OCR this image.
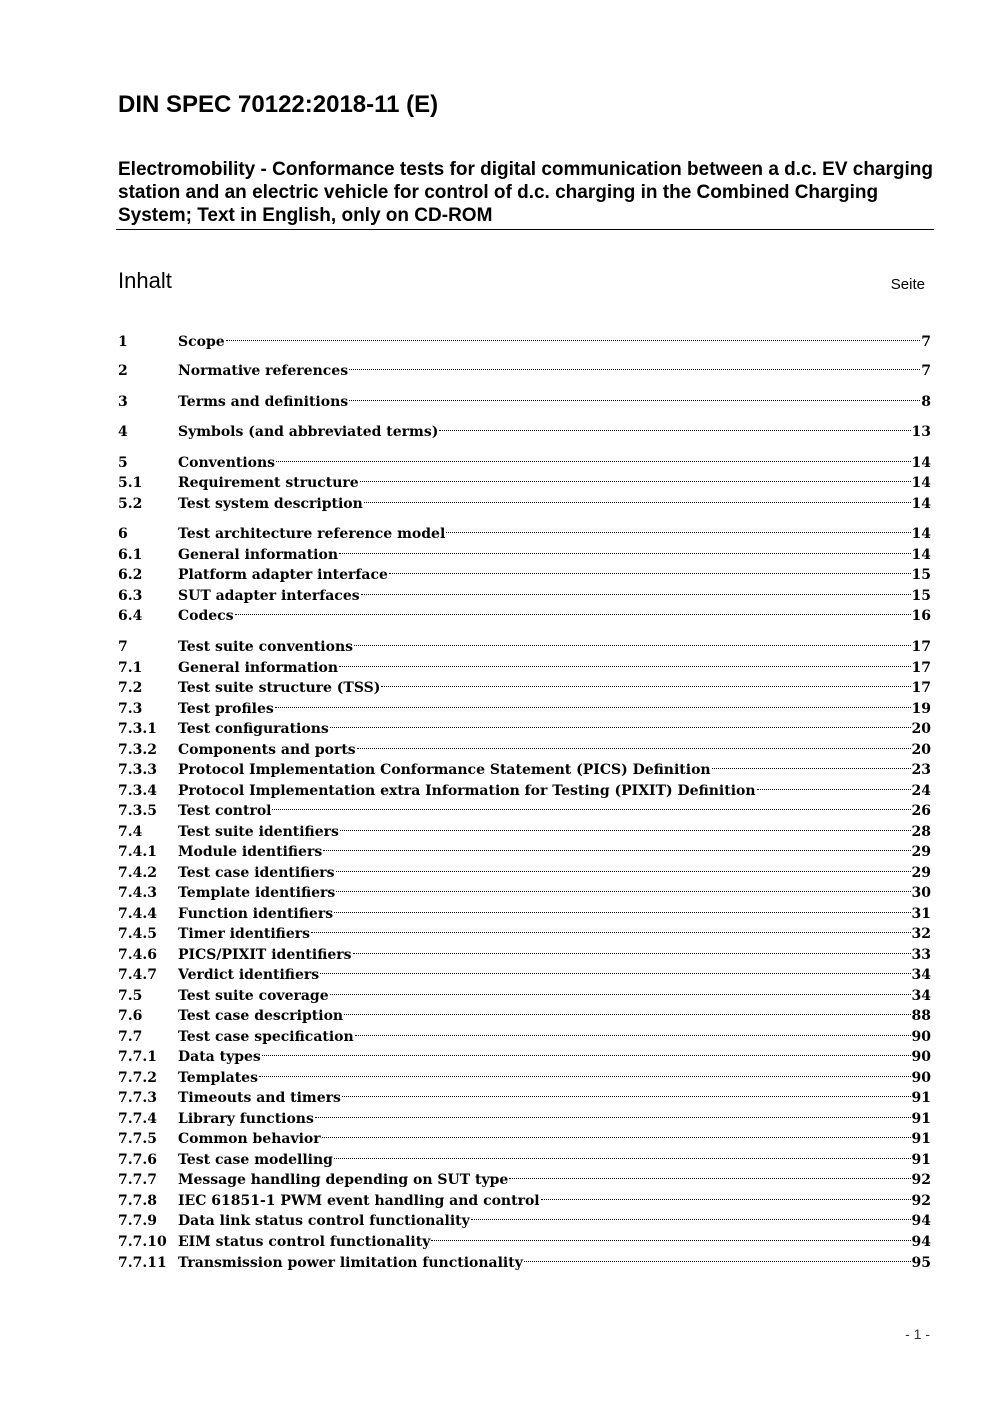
DIN SPEC 70122:2018-11 (E)
Electromobility - Conformance tests for digital communication between a d.c. EV charging station and an electric vehicle for control of d.c. charging in the Combined Charging System; Text in English, only on CD-ROM
Inhalt	Seite
1	Scope	7
2	Normative references	7
3	Terms and definitions	8
4	Symbols (and abbreviated terms)	13
5	Conventions	14
5.1	Requirement structure	14
5.2	Test system description	14
6	Test architecture reference model	14
6.1	General information	14
6.2	Platform adapter interface	15
6.3	SUT adapter interfaces	15
6.4	Codecs	16
7	Test suite conventions	17
7.1	General information	17
7.2	Test suite structure (TSS)	17
7.3	Test profiles	19
7.3.1	Test configurations	20
7.3.2	Components and ports	20
7.3.3	Protocol Implementation Conformance Statement (PICS) Definition	23
7.3.4	Protocol Implementation extra Information for Testing (PIXIT) Definition	24
7.3.5	Test control	26
7.4	Test suite identifiers	28
7.4.1	Module identifiers	29
7.4.2	Test case identifiers	29
7.4.3	Template identifiers	30
7.4.4	Function identifiers	31
7.4.5	Timer identifiers	32
7.4.6	PICS/PIXIT identifiers	33
7.4.7	Verdict identifiers	34
7.5	Test suite coverage	34
7.6	Test case description	88
7.7	Test case specification	90
7.7.1	Data types	90
7.7.2	Templates	90
7.7.3	Timeouts and timers	91
7.7.4	Library functions	91
7.7.5	Common behavior	91
7.7.6	Test case modelling	91
7.7.7	Message handling depending on SUT type	92
7.7.8	IEC 61851-1 PWM event handling and control	92
7.7.9	Data link status control functionality	94
7.7.10 EIM status control functionality	94
7.7.11 Transmission power limitation functionality	95
- 1 -
